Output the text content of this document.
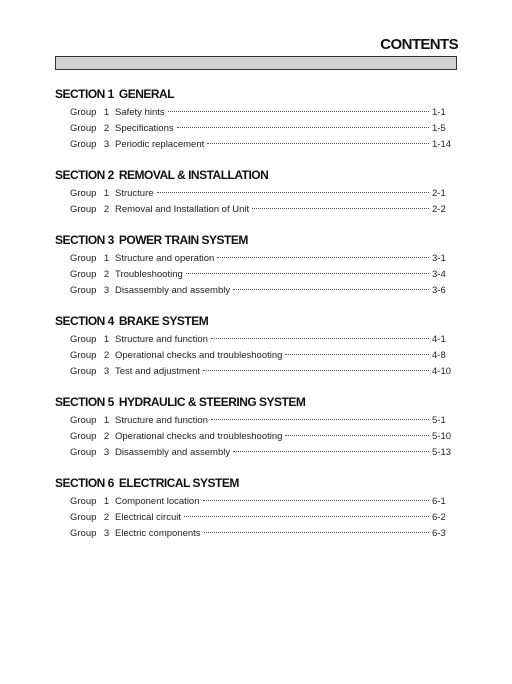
CONTENTS
SECTION 1 GENERAL
Group 1 Safety hints	1-1
Group 2 Specifications	1-5
Group 3 Periodic replacement	1-14
SECTION 2 REMOVAL & INSTALLATION
Group 1 Structure	2-1
Group 2 Removal and Installation of Unit	2-2
SECTION 3 POWER TRAIN SYSTEM
Group 1 Structure and operation	3-1
Group 2 Troubleshooting	3-4
Group 3 Disassembly and assembly	3-6
SECTION 4 BRAKE SYSTEM
Group 1 Structure and function	4-1
Group 2 Operational checks and troubleshooting	4-8
Group 3 Test and adjustment	4-10
SECTION 5 HYDRAULIC & STEERING SYSTEM
Group 1 Structure and function	5-1
Group 2 Operational checks and troubleshooting	5-10
Group 3 Disassembly and assembly	5-13
SECTION 6 ELECTRICAL SYSTEM
Group 1 Component location	6-1
Group 2 Electrical circuit	6-2
Group 3 Electric components	6-3
